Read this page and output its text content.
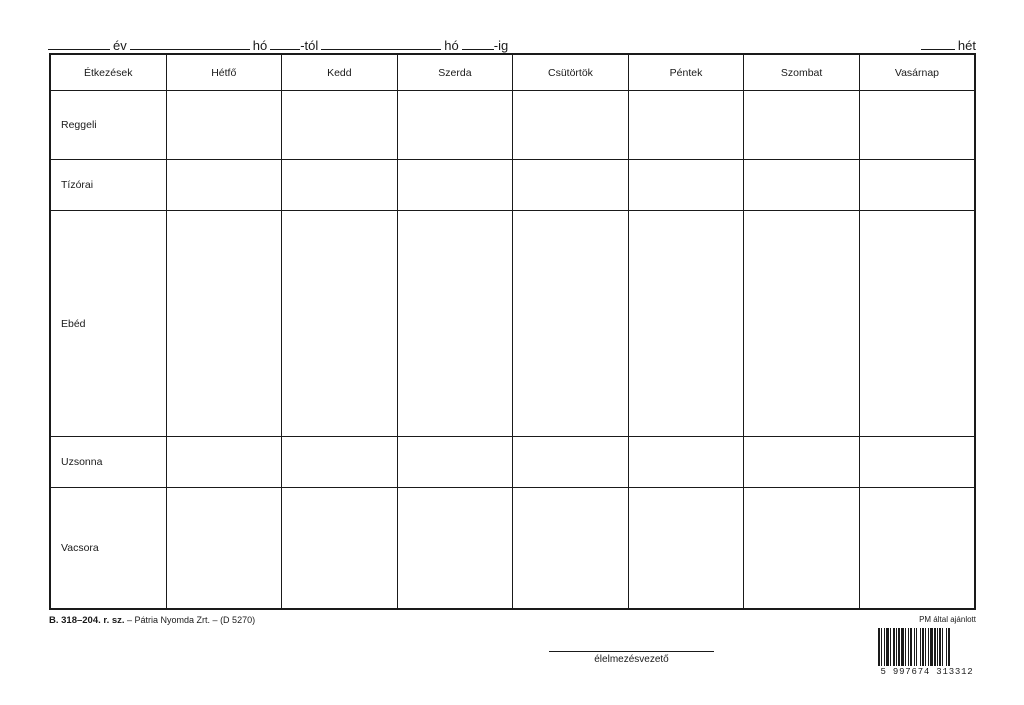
év	hó	-tól	hó	-ig	hét
Étkezések	Hétfő	Kedd	Szerda	Csütörtök	Péntek	Szombat	Vasárnap
Reggeli							
Tízórai							
Ebéd							
Uzsonna							
Vacsora							
B. 318–204. r. sz. – Pátria Nyomda Zrt. – (D 5270)	PM által ajánlott
élelmezésvezető
5 997674 313312
